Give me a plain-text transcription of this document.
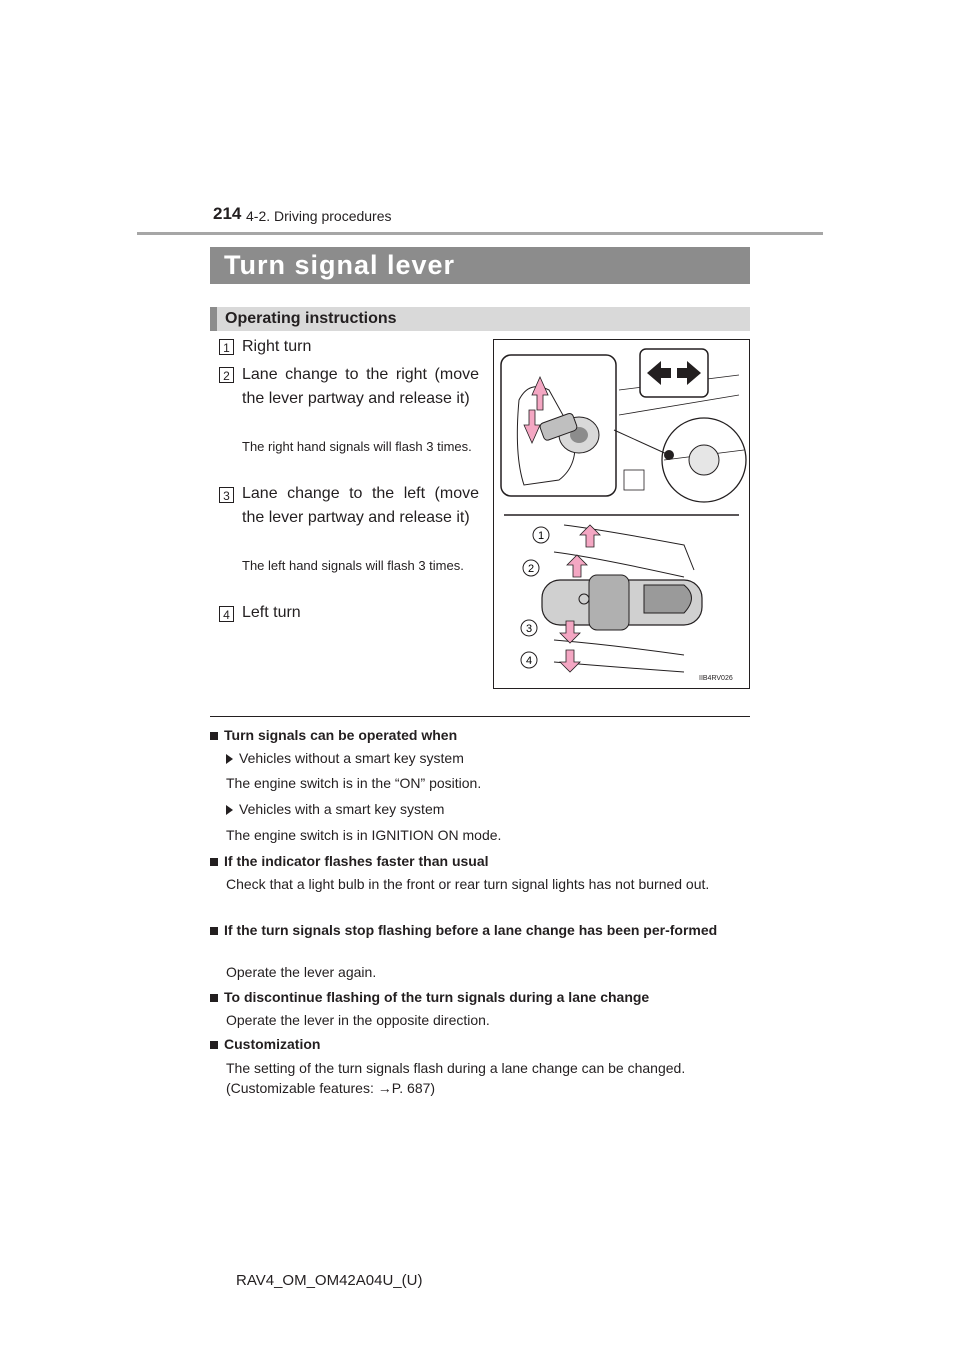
214 4-2. Driving procedures
Turn signal lever
Operating instructions
1 Right turn
2 Lane change to the right (move the lever partway and release it)
The right hand signals will flash 3 times.
3 Lane change to the left (move the lever partway and release it)
The left hand signals will flash 3 times.
4 Left turn
1
2
3
4
IIB4RV026
Turn signals can be operated when
Vehicles without a smart key system
The engine switch is in the “ON” position.
Vehicles with a smart key system
The engine switch is in IGNITION ON mode.
If the indicator flashes faster than usual
Check that a light bulb in the front or rear turn signal lights has not burned out.
If the turn signals stop flashing before a lane change has been per-formed
Operate the lever again.
To discontinue flashing of the turn signals during a lane change
Operate the lever in the opposite direction.
Customization
The setting of the turn signals flash during a lane change can be changed.
(Customizable features: →P. 687)
RAV4_OM_OM42A04U_(U)
